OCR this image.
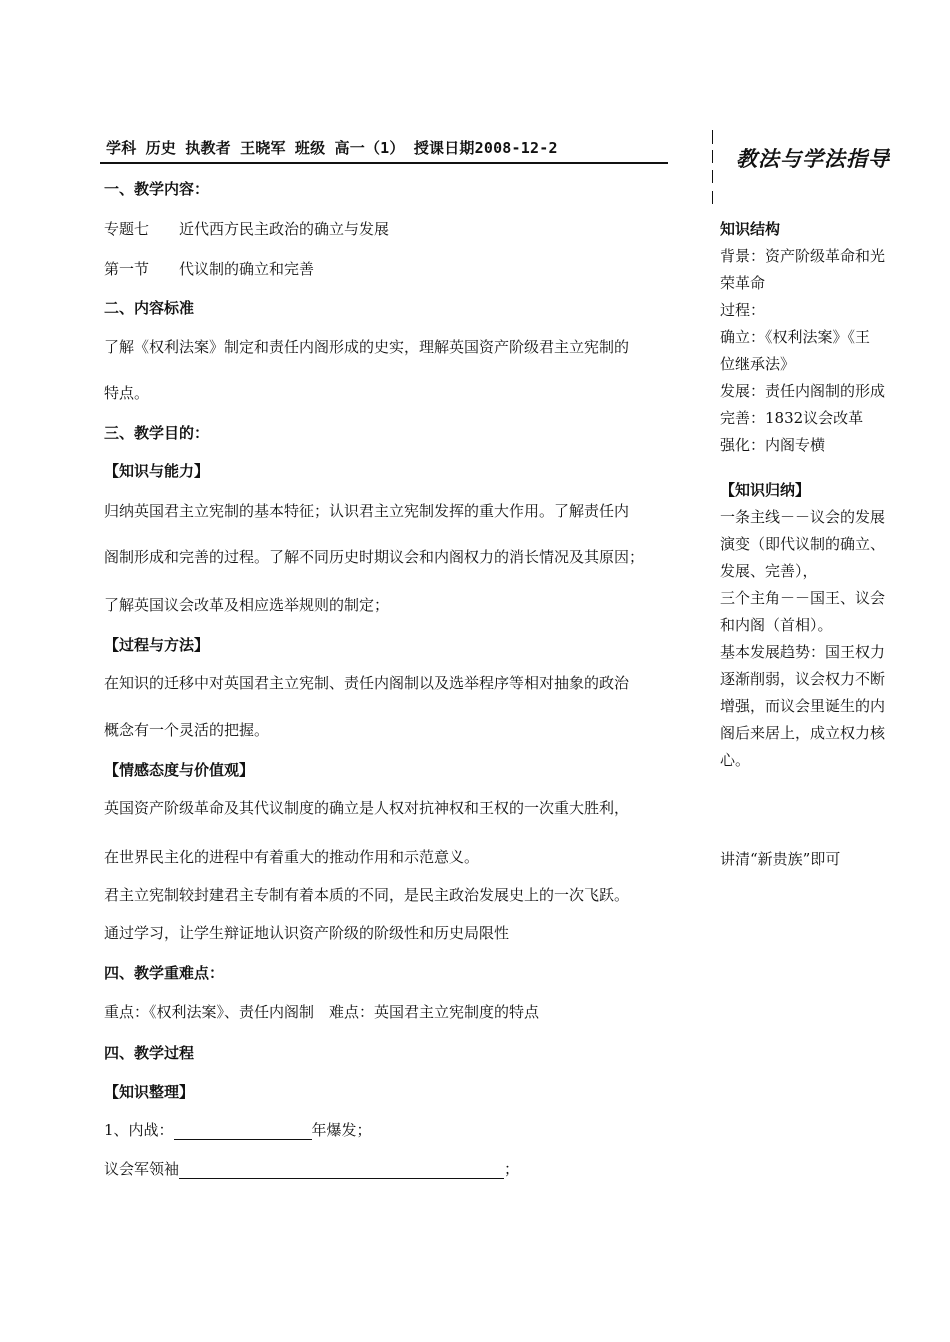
学科 历史 执教者 王晓军 班级 高一（1） 授课日期2008-12-2	教法与学法指导
一、教学内容：
专题七　　近代西方民主政治的确立与发展
第一节　　代议制的确立和完善
二、内容标准
了解《权利法案》制定和责任内阁形成的史实，理解英国资产阶级君主立宪制的
特点。
三、教学目的：
【知识与能力】
归纳英国君主立宪制的基本特征；认识君主立宪制发挥的重大作用。了解责任内
阁制形成和完善的过程。了解不同历史时期议会和内阁权力的消长情况及其原因；
了解英国议会改革及相应选举规则的制定；
【过程与方法】
在知识的迁移中对英国君主立宪制、责任内阁制以及选举程序等相对抽象的政治
概念有一个灵活的把握。
【情感态度与价值观】
英国资产阶级革命及其代议制度的确立是人权对抗神权和王权的一次重大胜利，
在世界民主化的进程中有着重大的推动作用和示范意义。
君主立宪制较封建君主专制有着本质的不同，是民主政治发展史上的一次飞跃。
通过学习，让学生辩证地认识资产阶级的阶级性和历史局限性
四、教学重难点：
重点：《权利法案》、责任内阁制　难点：英国君主立宪制度的特点
四、教学过程
【知识整理】
1、内战：	年爆发；
议会军领袖	；
知识结构
背景：资产阶级革命和光
荣革命
过程：
确立：《权利法案》《王
位继承法》
发展：责任内阁制的形成
完善：1832议会改革
强化：内阁专横
【知识归纳】
一条主线－－议会的发展
演变（即代议制的确立、
发展、完善），
三个主角－－国王、议会
和内阁（首相）。
基本发展趋势：国王权力
逐渐削弱，议会权力不断
增强，而议会里诞生的内
阁后来居上，成立权力核
心。
讲清“新贵族”即可
